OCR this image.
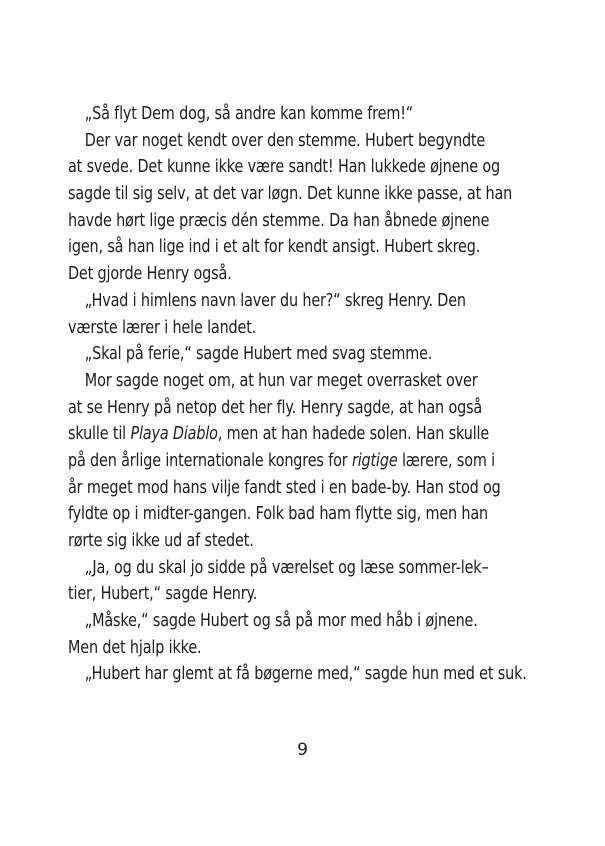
„Så flyt Dem dog, så andre kan komme frem!“
Der var noget kendt over den stemme. Hubert begyndte
at svede. Det kunne ikke være sandt! Han lukkede øjnene og
sagde til sig selv, at det var løgn. Det kunne ikke passe, at han
havde hørt lige præcis dén stemme. Da han åbnede øjnene
igen, så han lige ind i et alt for kendt ansigt. Hubert skreg.
Det gjorde Henry også.
„Hvad i himlens navn laver du her?“ skreg Henry. Den
værste lærer i hele landet.
„Skal på ferie,“ sagde Hubert med svag stemme.
Mor sagde noget om, at hun var meget overrasket over
at se Henry på netop det her fly. Henry sagde, at han også
skulle til Playa Diablo, men at han hadede solen. Han skulle
på den årlige internationale kongres for rigtige lærere, som i
år meget mod hans vilje fandt sted i en bade-by. Han stod og
fyldte op i midter-gangen. Folk bad ham flytte sig, men han
rørte sig ikke ud af stedet.
„Ja, og du skal jo sidde på værelset og læse sommer-lek–
tier, Hubert,“ sagde Henry.
„Måske,“ sagde Hubert og så på mor med håb i øjnene.
Men det hjalp ikke.
„Hubert har glemt at få bøgerne med,“ sagde hun med et suk.
9
